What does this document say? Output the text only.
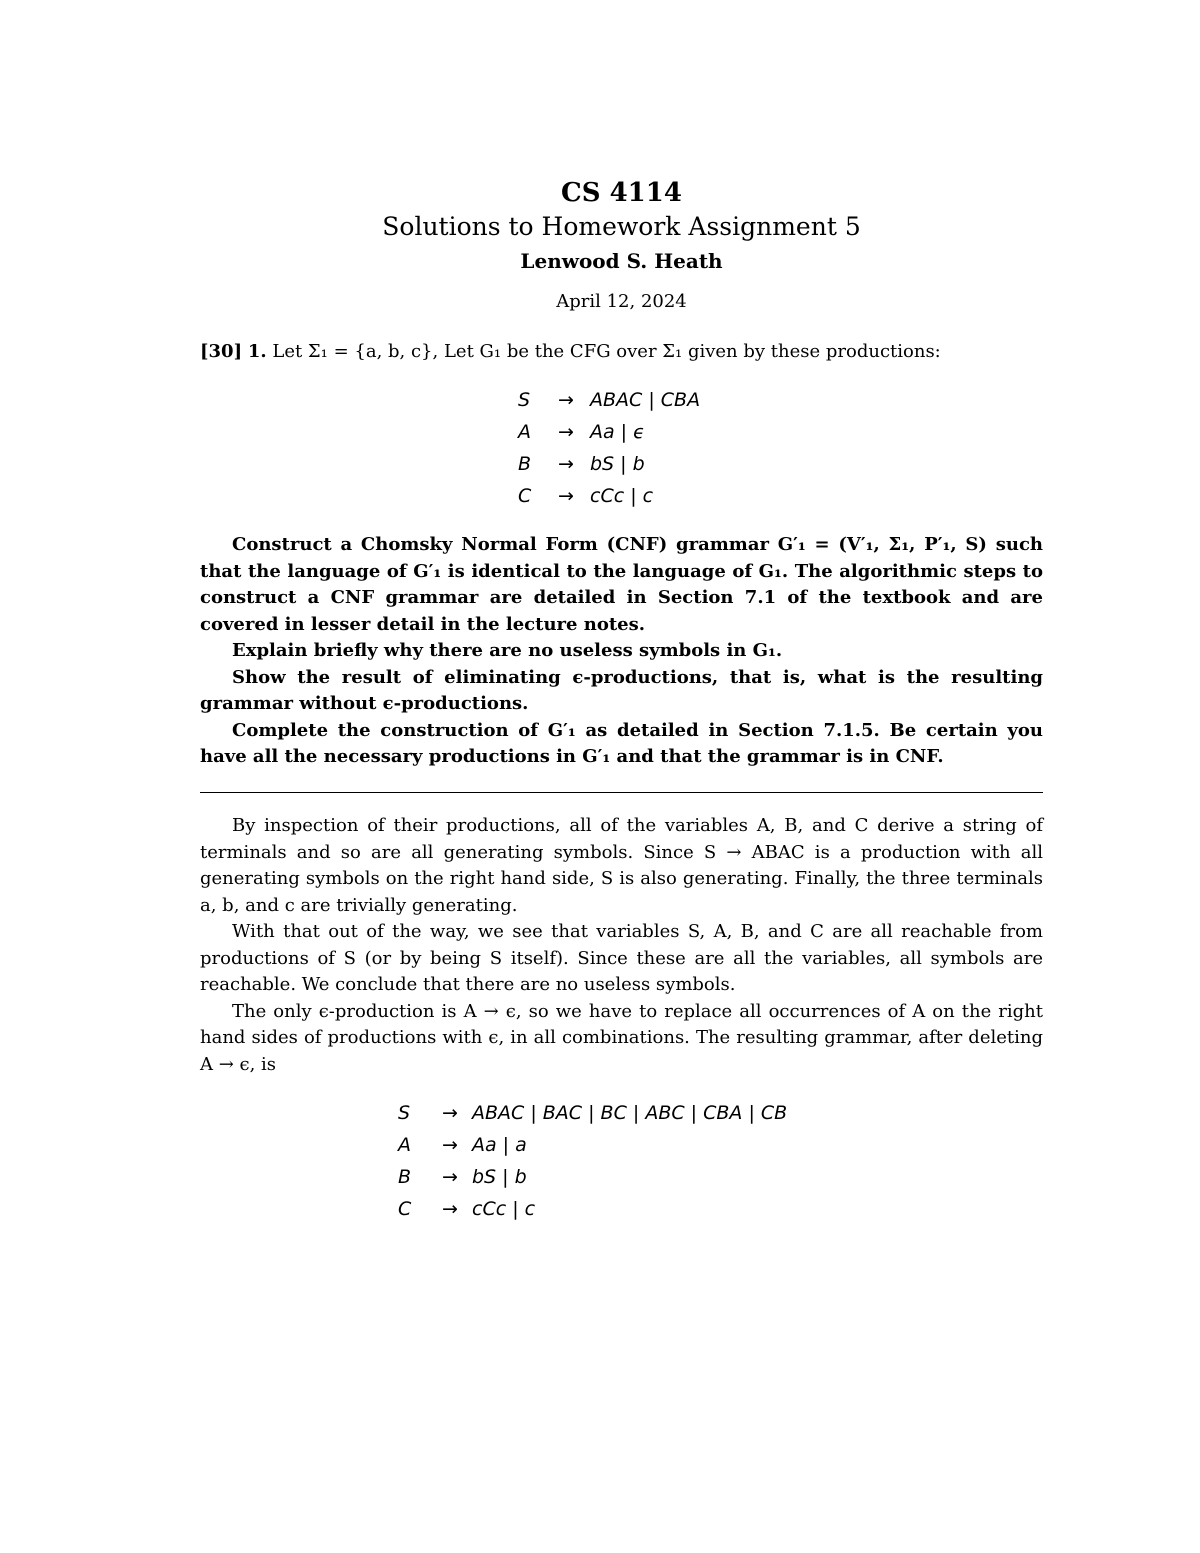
CS 4114
Solutions to Homework Assignment 5
Lenwood S. Heath
April 12, 2024
[30] 1. Let Σ₁ = {a, b, c}, Let G₁ be the CFG over Σ₁ given by these productions:
S	→ ABAC | CBA
A	→ Aa | ϵ
B	→ bS | b
C	→ cCc | c

Construct a Chomsky Normal Form (CNF) grammar G′₁ = (V′₁, Σ₁, P′₁, S) such that the language of G′₁ is identical to the language of G₁. The algorithmic steps to construct a CNF grammar are detailed in Section 7.1 of the textbook and are covered in lesser detail in the lecture notes.

Explain briefly why there are no useless symbols in G₁.

Show the result of eliminating ϵ-productions, that is, what is the resulting grammar without ϵ-productions.

Complete the construction of G′₁ as detailed in Section 7.1.5. Be certain you have all the necessary productions in G′₁ and that the grammar is in CNF.

By inspection of their productions, all of the variables A, B, and C derive a string of terminals and so are all generating symbols. Since S → ABAC is a production with all generating symbols on the right hand side, S is also generating. Finally, the three terminals a, b, and c are trivially generating.

With that out of the way, we see that variables S, A, B, and C are all reachable from productions of S (or by being S itself). Since these are all the variables, all symbols are reachable. We conclude that there are no useless symbols.

The only ϵ-production is A → ϵ, so we have to replace all occurrences of A on the right hand sides of productions with ϵ, in all combinations. The resulting grammar, after deleting A → ϵ, is

S	→ ABAC | BAC | BC | ABC | CBA | CB
A	→ Aa | a
B	→ bS | b
C	→ cCc | c
